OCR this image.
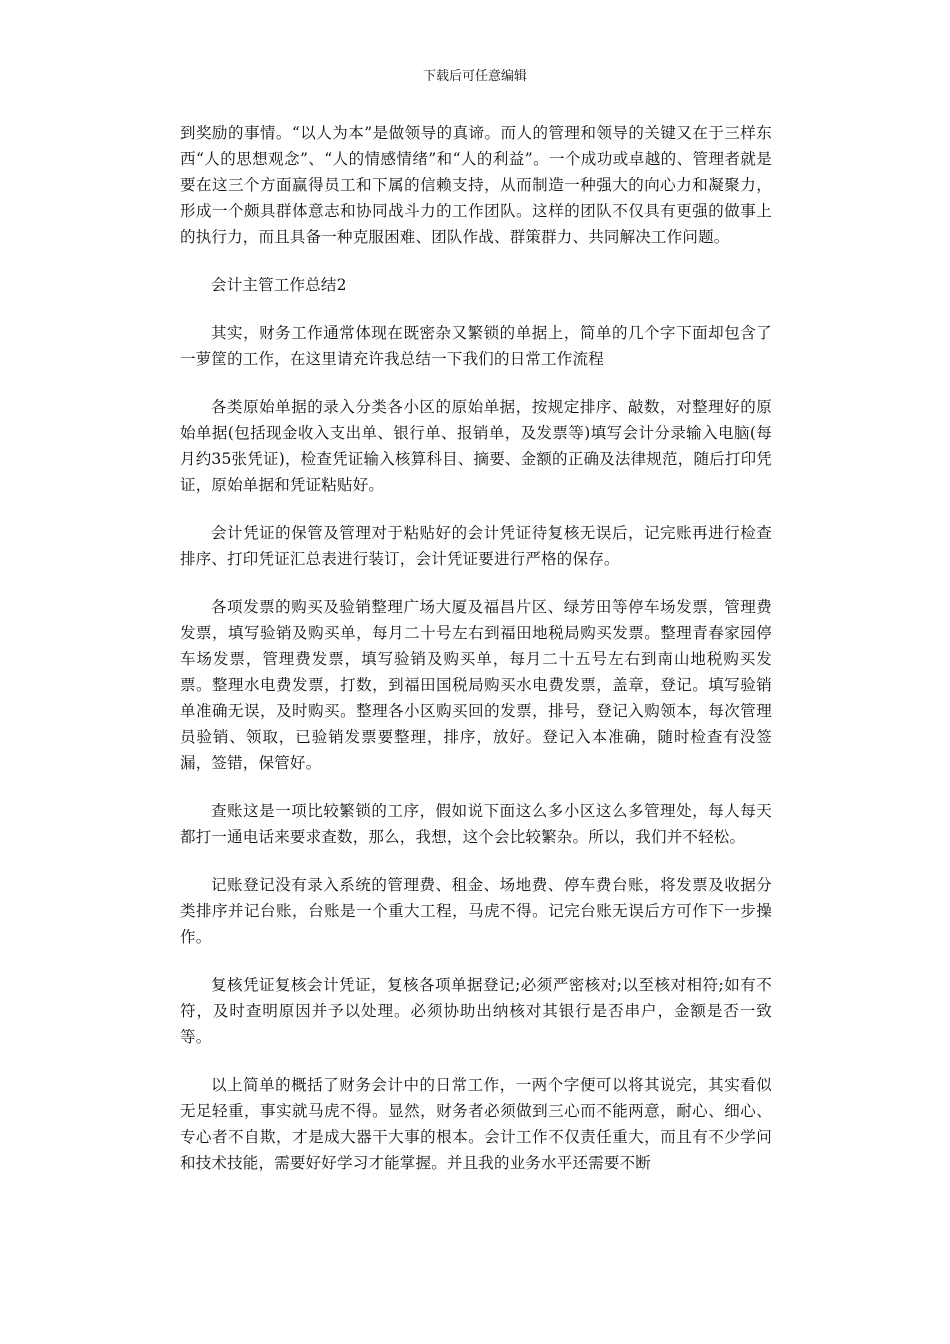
下载后可任意编辑

到奖励的事情。“以人为本”是做领导的真谛。而人的管理和领导的关键又在于三样东西“人的思想观念”、“人的情感情绪”和“人的利益”。一个成功或卓越的、管理者就是要在这三个方面赢得员工和下属的信赖支持，从而制造一种强大的向心力和凝聚力，形成一个颇具群体意志和协同战斗力的工作团队。这样的团队不仅具有更强的做事上的执行力，而且具备一种克服困难、团队作战、群策群力、共同解决工作问题。

会计主管工作总结2

其实，财务工作通常体现在既密杂又繁锁的单据上，简单的几个字下面却包含了一萝筐的工作，在这里请充许我总结一下我们的日常工作流程

各类原始单据的录入分类各小区的原始单据，按规定排序、敲数，对整理好的原始单据(包括现金收入支出单、银行单、报销单，及发票等)填写会计分录输入电脑(每月约35张凭证)，检查凭证输入核算科目、摘要、金额的正确及法律规范，随后打印凭证，原始单据和凭证粘贴好。

会计凭证的保管及管理对于粘贴好的会计凭证待复核无误后，记完账再进行检查排序、打印凭证汇总表进行装订，会计凭证要进行严格的保存。

各项发票的购买及验销整理广场大厦及福昌片区、绿芳田等停车场发票，管理费发票，填写验销及购买单，每月二十号左右到福田地税局购买发票。整理青春家园停车场发票，管理费发票，填写验销及购买单，每月二十五号左右到南山地税购买发票。整理水电费发票，打数，到福田国税局购买水电费发票，盖章，登记。填写验销单准确无误，及时购买。整理各小区购买回的发票，排号，登记入购领本，每次管理员验销、领取，已验销发票要整理，排序，放好。登记入本准确，随时检查有没签漏，签错，保管好。

查账这是一项比较繁锁的工序，假如说下面这么多小区这么多管理处，每人每天都打一通电话来要求查数，那么，我想，这个会比较繁杂。所以，我们并不轻松。

记账登记没有录入系统的管理费、租金、场地费、停车费台账，将发票及收据分类排序并记台账，台账是一个重大工程，马虎不得。记完台账无误后方可作下一步操作。

复核凭证复核会计凭证，复核各项单据登记;必须严密核对;以至核对相符;如有不符，及时查明原因并予以处理。必须协助出纳核对其银行是否串户，金额是否一致等。

以上简单的概括了财务会计中的日常工作，一两个字便可以将其说完，其实看似无足轻重，事实就马虎不得。显然，财务者必须做到三心而不能两意，耐心、细心、专心者不自欺，才是成大器干大事的根本。会计工作不仅责任重大，而且有不少学问和技术技能，需要好好学习才能掌握。并且我的业务水平还需要不断
